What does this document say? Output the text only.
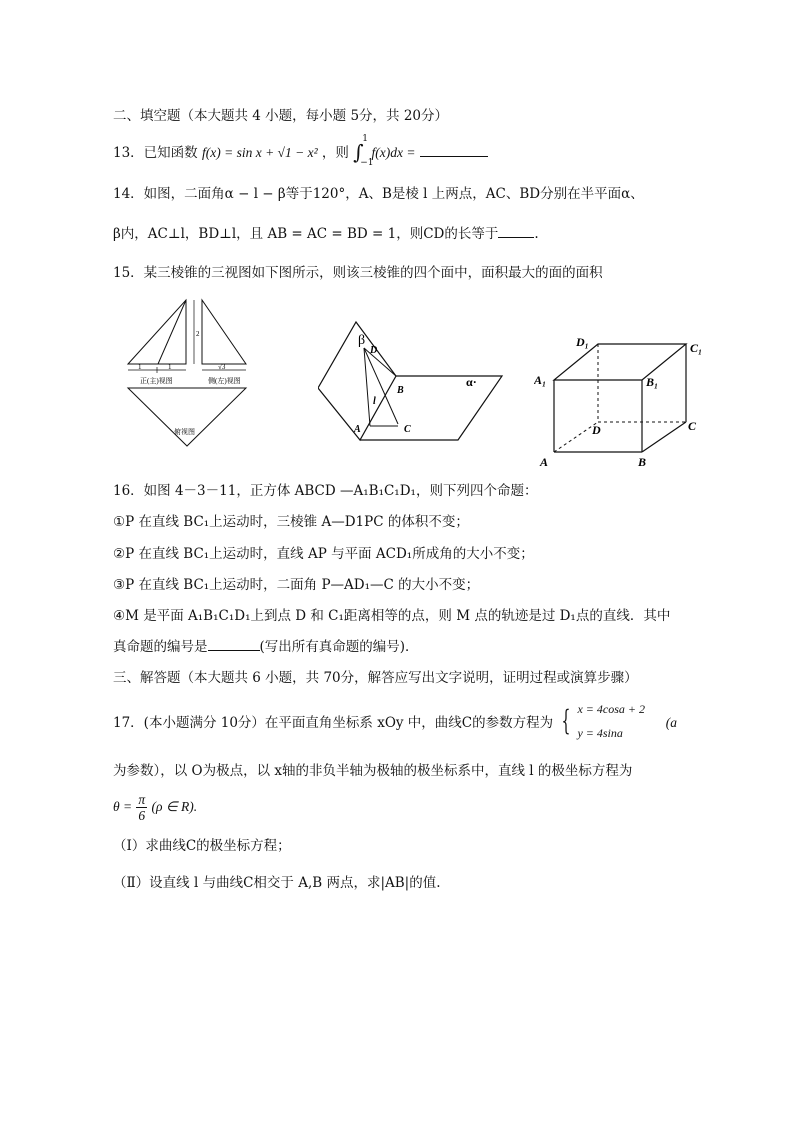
二、填空题（本大题共 4 小题，每小题 5分，共 20分）
13．已知函数 f(x) = sin x + √1 − x² ，则 ∫
1
−1
f(x)dx =
14．如图，二面角α − l − β等于120°，A、B是棱 l 上两点，AC、BD分别在半平面α、
β内，AC⊥l，BD⊥l，且 AB = AC = BD = 1，则CD的长等于	.
15．某三棱锥的三视图如下图所示，则该三棱锥的四个面中，面积最大的面的面积
1	1
2
√3
正(主)视图	侧(左)视图
俯视图
β
D
B
l
A	C
α·
D₁	C₁
A₁	B₁
D	C
A	B
16．如图 4－3－11，正方体 ABCD —A₁B₁C₁D₁，则下列四个命题：
①P 在直线 BC₁上运动时，三棱锥 A—D1PC 的体积不变；
②P 在直线 BC₁上运动时，直线 AP 与平面 ACD₁所成角的大小不变；
③P 在直线 BC₁上运动时，二面角 P—AD₁—C 的大小不变；
④M 是平面 A₁B₁C₁D₁上到点 D 和 C₁距离相等的点，则 M 点的轨迹是过 D₁点的直线．其中
真命题的编号是	(写出所有真命题的编号)．
三、解答题（本大题共 6 小题，共 70分，解答应写出文字说明，证明过程或演算步骤）
17．(本小题满分 10分）在平面直角坐标系 xOy 中，曲线C的参数方程为 { x = 4cosa + 2
y = 4sina
(a
为参数），以 O为极点，以 x轴的非负半轴为极轴的极坐标系中，直线 l 的极坐标方程为
$\theta = \frac{\pi}{6} (\rho$ ∈ R).
（Ⅰ）求曲线C的极坐标方程；
（Ⅱ）设直线 l 与曲线C相交于 A,B 两点，求|AB|的值.
